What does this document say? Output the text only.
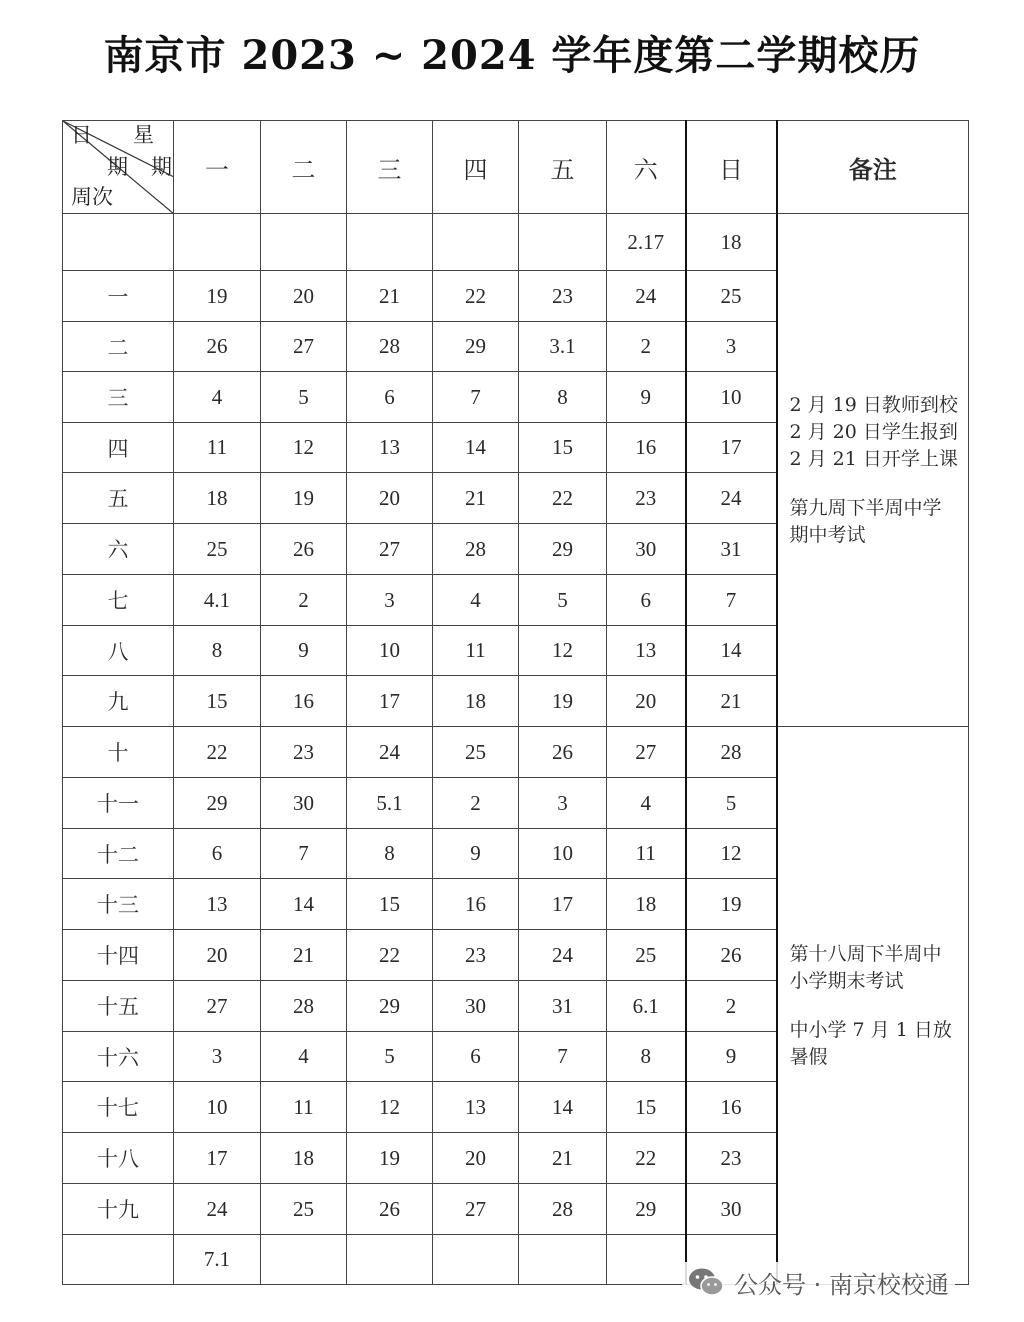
南京市 2023 ~ 2024 学年度第二学期校历
日 星
期 期
周次	一	二	三	四	五	六	日	备注
						2.17	18	2 月 19 日教师到校

2 月 20 日学生报到

2 月 21 日开学上课

第九周下半周中学

期中考试

一	19	20	21	22	23	24	25	
二	26	27	28	29	3.1	2	3	
三	4	5	6	7	8	9	10	
四	11	12	13	14	15	16	17	
五	18	19	20	21	22	23	24	
六	25	26	27	28	29	30	31	
七	4.1	2	3	4	5	6	7	
八	8	9	10	11	12	13	14	
九	15	16	17	18	19	20	21	
十	22	23	24	25	26	27	28	第十八周下半周中

小学期末考试

中小学 7 月 1 日放

暑假

十一	29	30	5.1	2	3	4	5	
十二	6	7	8	9	10	11	12	
十三	13	14	15	16	17	18	19	
十四	20	21	22	23	24	25	26	
十五	27	28	29	30	31	6.1	2	
十六	3	4	5	6	7	8	9	
十七	10	11	12	13	14	15	16	
十八	17	18	19	20	21	22	23	
十九	24	25	26	27	28	29	30	
	7.1							
公众号 · 南京校校通
